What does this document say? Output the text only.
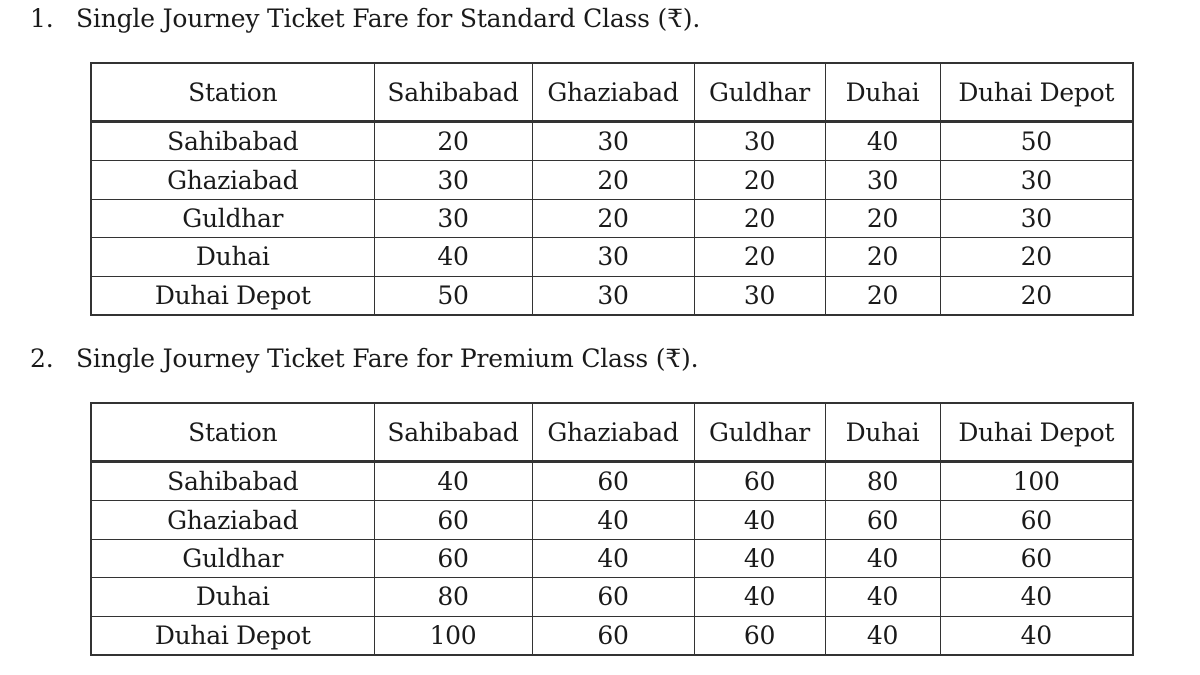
1. Single Journey Ticket Fare for Standard Class (₹).
Station	Sahibabad	Ghaziabad	Guldhar	Duhai	Duhai Depot
Sahibabad	20	30	30	40	50
Ghaziabad	30	20	20	30	30
Guldhar	30	20	20	20	30
Duhai	40	30	20	20	20
Duhai Depot	50	30	30	20	20
2. Single Journey Ticket Fare for Premium Class (₹).
Station	Sahibabad	Ghaziabad	Guldhar	Duhai	Duhai Depot
Sahibabad	40	60	60	80	100
Ghaziabad	60	40	40	60	60
Guldhar	60	40	40	40	60
Duhai	80	60	40	40	40
Duhai Depot	100	60	60	40	40
